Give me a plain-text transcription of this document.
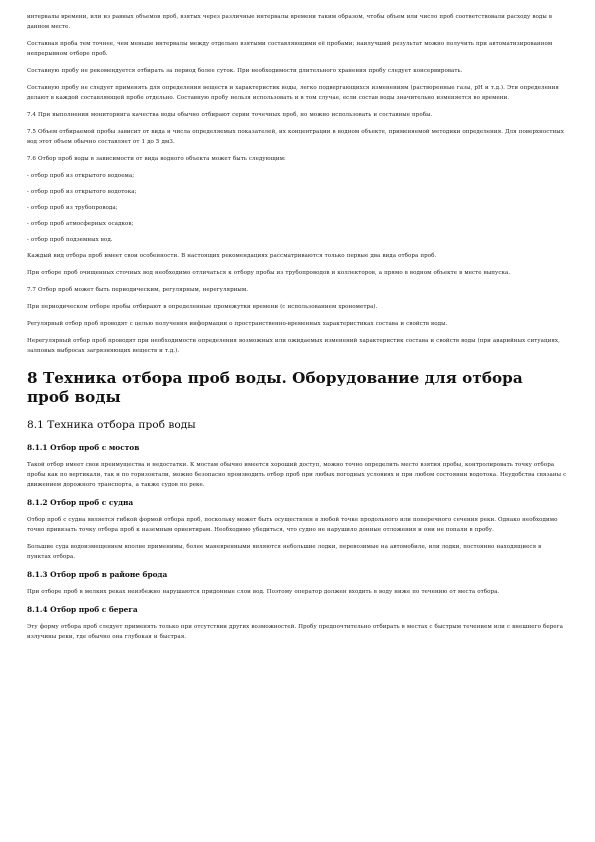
интервалы времени, или из равных объемов проб, взятых через различные интервалы времени таким образом, чтобы объем или число проб соответствовали расходу воды в данном месте.

Составная проба тем точнее, чем меньше интервалы между отдельно взятыми составляющими её пробами; наилучший результат можно получить при автоматизированном непрерывном отборе проб.

Составную пробу не рекомендуется отбирать за период более суток. При необходимости длительного хранения пробу следует консервировать.

Составную пробу не следует применять для определения веществ и характеристик воды, легко подвергающихся изменениям (растворенные газы, pH и т.д.). Эти определения делают в каждой составляющей пробе отдельно. Составную пробу нельзя использовать и в том случае, если состав воды значительно изменяется во времени.

7.4 При выполнении мониторинга качества воды обычно отбирают серии точечных проб, но можно использовать и составные пробы.

7.5 Объем отбираемой пробы зависит от вида и числа определяемых показателей, их концентрации в водном объекте, применяемой методики определения. Для поверхностных вод этот объем обычно составляет от 1 до 5 дм3.

7.6 Отбор проб воды в зависимости от вида водного объекта может быть следующим:

- отбор проб из открытого водоема;

- отбор проб из открытого водотока;

- отбор проб из трубопровода;

- отбор проб атмосферных осадков;

- отбор проб подземных вод.

Каждый вид отбора проб имеет свои особенности. В настоящих рекомендациях рассматриваются только первые два вида отбора проб.

При отборе проб очищенных сточных вод необходимо отличаться к отбору пробы из трубопроводов и коллекторов, а прямо в водном объекте в месте выпуска.

7.7 Отбор проб может быть периодическим, регулярным, нерегулярным.

При периодическом отборе пробы отбирают в определенные промежутки времени (с использованием хронометра).

Регулярный отбор проб проводят с целью получения информации о пространственно-временных характеристиках состава и свойств воды.

Нерегулярный отбор проб проводят при необходимости определения возможных или ожидаемых изменений характеристик состава и свойств воды (при аварийных ситуациях, залповых выбросах загрязняющих веществ и т.д.).

8 Техника отбора проб воды. Оборудование для отбора проб воды
8.1 Техника отбора проб воды
8.1.1 Отбор проб с мостов

Такой отбор имеет свои преимущества и недостатки. К мостам обычно имеется хороший доступ, можно точно определить место взятия пробы, контролировать точку отбора пробы как по вертикали, так и по горизонтали, можно безопасно производить отбор проб при любых погодных условиях и при любом состоянии водотока. Неудобства связаны с движением дорожного транспорта, а также судов по реке.

8.1.2 Отбор проб с судна

Отбор проб с судна является гибкой формой отбора проб, поскольку может быть осуществлен в любой точке продольного или поперечного сечения реки. Однако необходимо точно привязать точку отбора проб к наземным ориентирам. Необходимо убедиться, что судно не нарушило донные отложения и они не попали в пробу.

Большие суда водоизмещением вполне применимы, более маневренными являются небольшие лодки, перевозимые на автомобиле, или лодки, постоянно находящиеся в пунктах отбора.

8.1.3 Отбор проб в районе брода

При отборе проб в мелких реках неизбежно нарушаются придонные слои вод. Поэтому оператор должен входить в воду ниже по течению от места отбора.

8.1.4 Отбор проб с берега

Эту форму отбора проб следует применять только при отсутствии других возможностей. Пробу предпочтительно отбирать в местах с быстрым течением или с внешнего берега излучины реки, где обычно она глубокая и быстрая.
